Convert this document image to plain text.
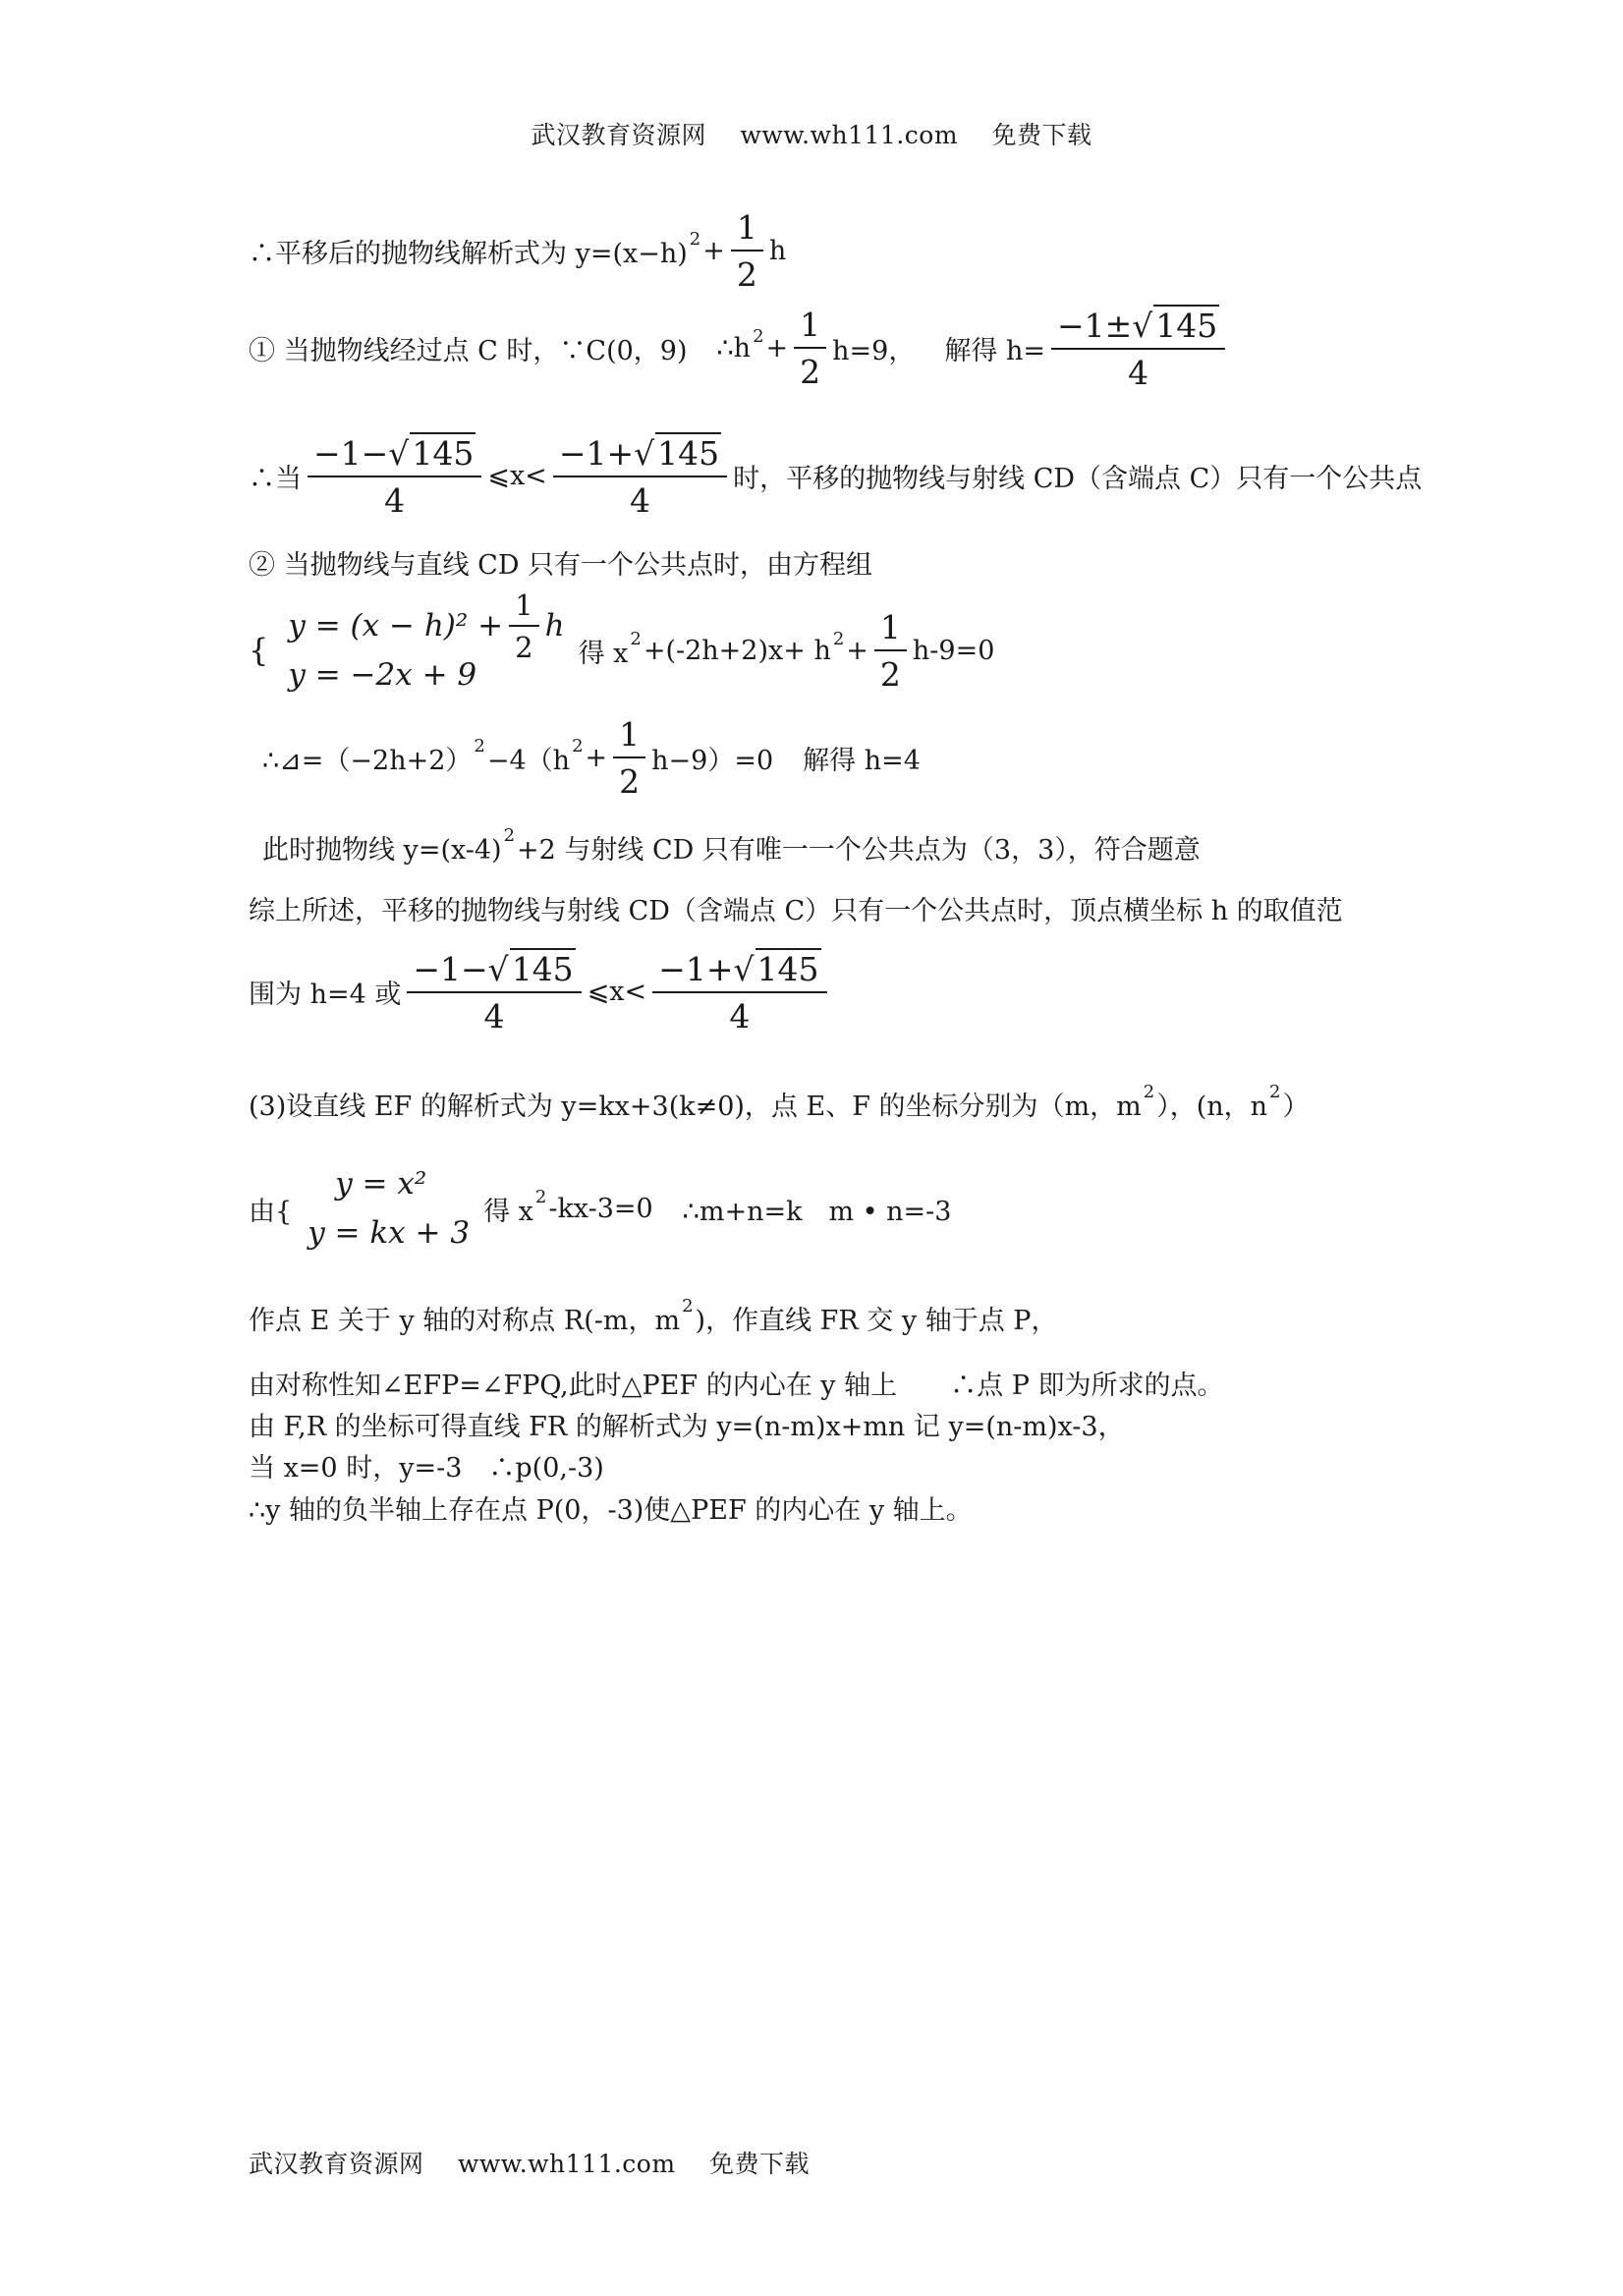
武汉教育资源网 www.wh111.com 免费下载
∴平移后的抛物线解析式为 y=(x−h) $2 + \frac{1}{2}$ h
① 当抛物线经过点 C 时，∵C(0，9) ∴h $2 + \frac{1}{2} h=9$， 解得 $h= \frac{-1\pm√145}{4}$
∴当 $\frac{-1-√145}{4}$ ⩽x< $\frac{-1+√145}{4}$ 时，平移的抛物线与射线 CD（含端点 C）只有一个公共点
② 当抛物线与直线 CD 只有一个公共点时，由方程组
{
$y = (x - h)^2 + \frac{1}{2}$ h
y = −2x + 9
得 x 2 +(-2h+2)x+ h $2 + \frac{1}{2} h-9=0$
∴⊿=（−2h+2） 2 −4（h $2 + \frac{1}{2} h-9)=0$ 解得 h=4
此时抛物线 y=(x-4) 2 +2 与射线 CD 只有唯一一个公共点为（3，3），符合题意
综上所述，平移的抛物线与射线 CD（含端点 C）只有一个公共点时，顶点横坐标 h 的取值范
围为 h=4 或 $\frac{-1-√145}{4}$ ⩽x< $\frac{-1+√145}{4}$
(3)设直线 EF 的解析式为 y=kx+3(k≠0)，点 E、F 的坐标分别为（m，m 2 ），(n，n 2 ）
由{
y = x²
y = kx + 3
得 x 2 -kx-3=0 ∴m+n=k　m • n=-3
作点 E 关于 y 轴的对称点 R(-m，m 2 )，作直线 FR 交 y 轴于点 P，
由对称性知∠EFP=∠FPQ,此时△PEF 的内心在 y 轴上　　∴点 P 即为所求的点。
由 F,R 的坐标可得直线 FR 的解析式为 y=(n-m)x+mn 记 y=(n-m)x-3，
当 x=0 时，y=-3　∴p(0,-3)
∴y 轴的负半轴上存在点 P(0，-3)使△PEF 的内心在 y 轴上。
武汉教育资源网 www.wh111.com 免费下载
